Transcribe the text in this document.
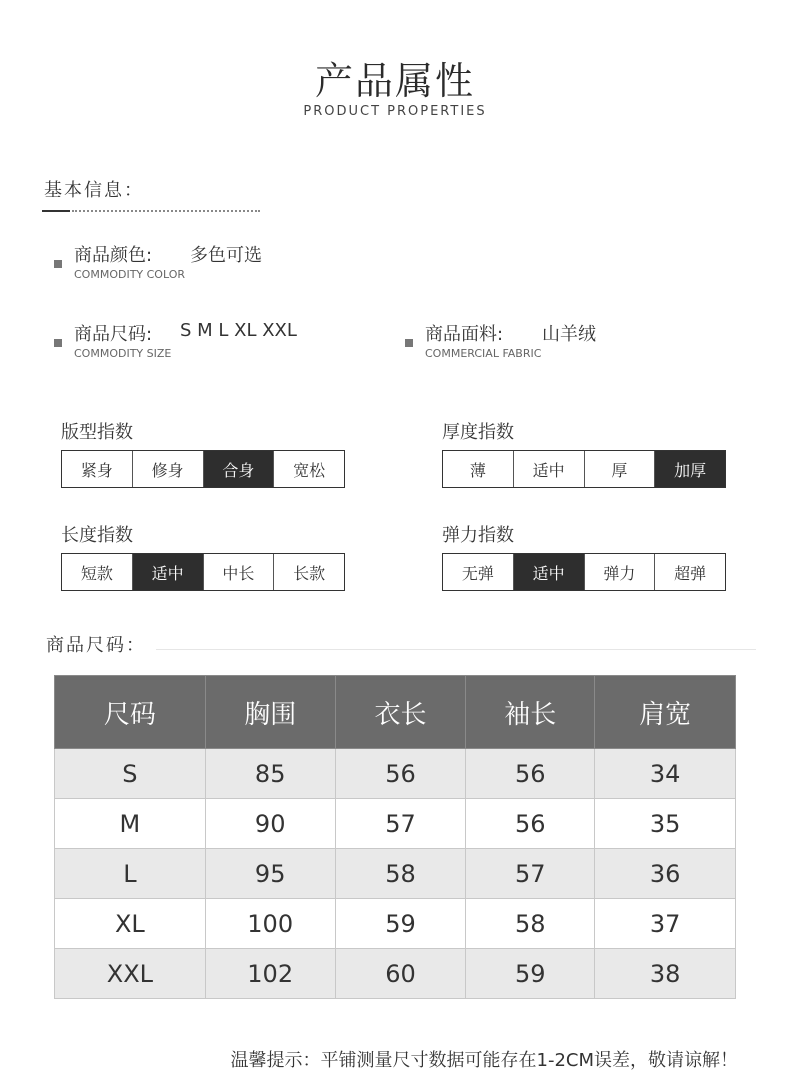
产品属性
PRODUCT PROPERTIES
基本信息：
商品颜色: 多色可选
COMMODITY COLOR
商品尺码: S M L XL XXL
COMMODITY SIZE
商品面料: 山羊绒
COMMERCIAL FABRIC
版型指数
紧身	修身	合身	宽松
厚度指数
薄	适中	厚	加厚
长度指数
短款	适中	中长	长款
弹力指数
无弹	适中	弹力	超弹
商品尺码：
尺码	胸围	衣长	袖长	肩宽
S	85	56	56	34
M	90	57	56	35
L	95	58	57	36
XL	100	59	58	37
XXL	102	60	59	38
温馨提示：平铺测量尺寸数据可能存在1-2CM误差，敬请谅解！
